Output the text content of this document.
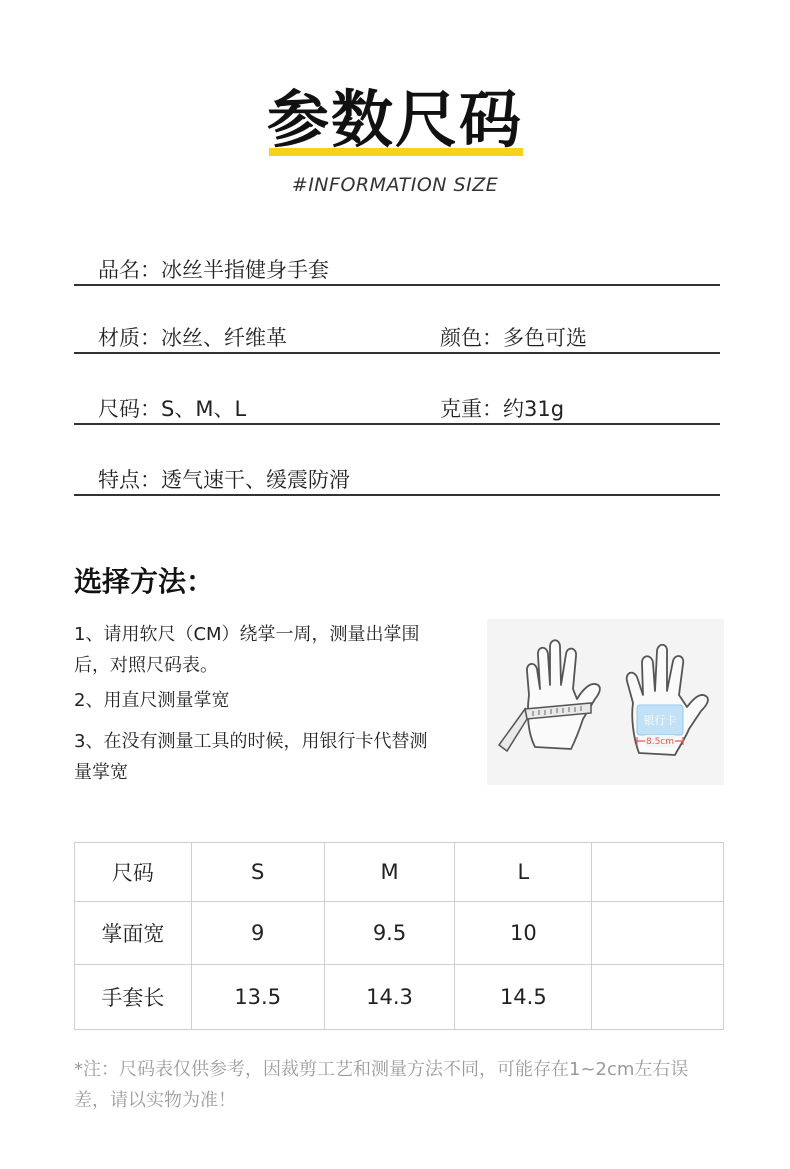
参数尺码
#INFORMATION SIZE
品名：冰丝半指健身手套
材质：冰丝、纤维革	颜色：多色可选
尺码：S、M、L	克重：约31g
特点：透气速干、缓震防滑
选择方法：
1、请用软尺（CM）绕掌一周，测量出掌围后，对照尺码表。
2、用直尺测量掌宽
3、在没有测量工具的时候，用银行卡代替测量掌宽
银行卡
8.5cm
尺码	S	M	L	
掌面宽	9	9.5	10	
手套长	13.5	14.3	14.5	
*注：尺码表仅供参考，因裁剪工艺和测量方法不同，可能存在1~2cm左右误差，请以实物为准！
